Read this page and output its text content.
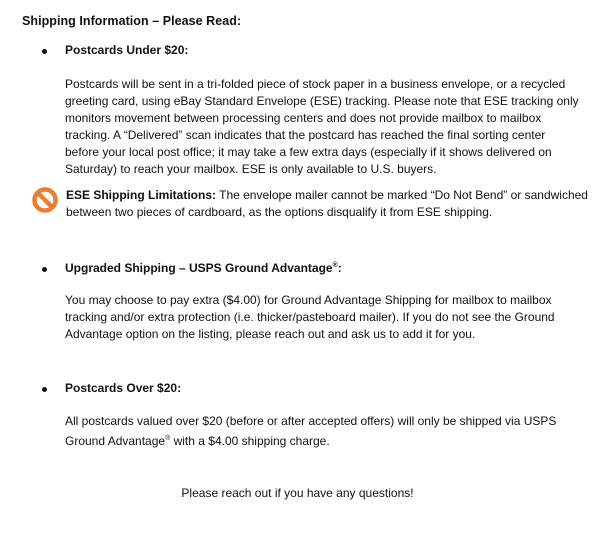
Shipping Information – Please Read:
Postcards Under $20:
Postcards will be sent in a tri-folded piece of stock paper in a business envelope, or a recycled
greeting card, using eBay Standard Envelope (ESE) tracking. Please note that ESE tracking only
monitors movement between processing centers and does not provide mailbox to mailbox
tracking. A “Delivered” scan indicates that the postcard has reached the final sorting center
before your local post office; it may take a few extra days (especially if it shows delivered on
Saturday) to reach your mailbox. ESE is only available to U.S. buyers.
ESE Shipping Limitations: The envelope mailer cannot be marked “Do Not Bend” or sandwiched
between two pieces of cardboard, as the options disqualify it from ESE shipping.
Upgraded Shipping – USPS Ground Advantage®:
You may choose to pay extra ($4.00) for Ground Advantage Shipping for mailbox to mailbox
tracking and/or extra protection (i.e. thicker/pasteboard mailer). If you do not see the Ground
Advantage option on the listing, please reach out and ask us to add it for you.
Postcards Over $20:
All postcards valued over $20 (before or after accepted offers) will only be shipped via USPS
Ground Advantage® with a $4.00 shipping charge.
Please reach out if you have any questions!
